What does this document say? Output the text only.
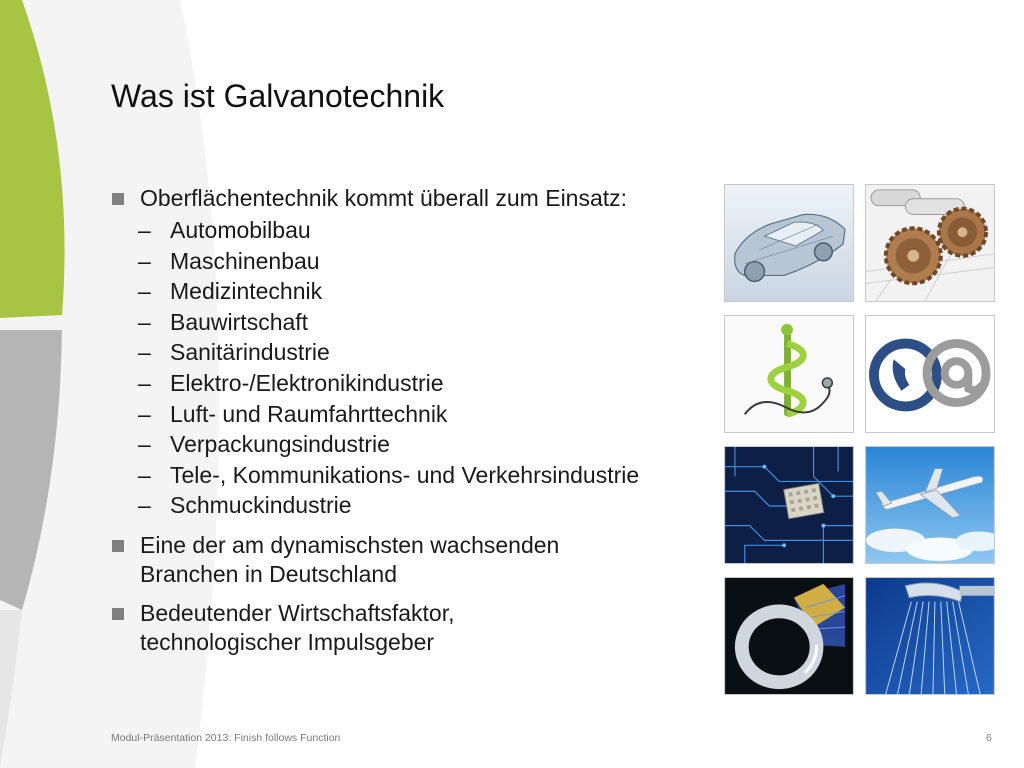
Was ist Galvanotechnik
Oberflächentechnik kommt überall zum Einsatz:
– Automobilbau
– Maschinenbau
– Medizintechnik
– Bauwirtschaft
– Sanitärindustrie
– Elektro-/Elektronikindustrie
– Luft- und Raumfahrttechnik
– Verpackungsindustrie
– Tele-, Kommunikations- und Verkehrsindustrie
– Schmuckindustrie
Eine der am dynamischsten wachsenden
Branchen in Deutschland
Bedeutender Wirtschaftsfaktor,
technologischer Impulsgeber
Modul-Präsentation 2013: Finish follows Function	6
